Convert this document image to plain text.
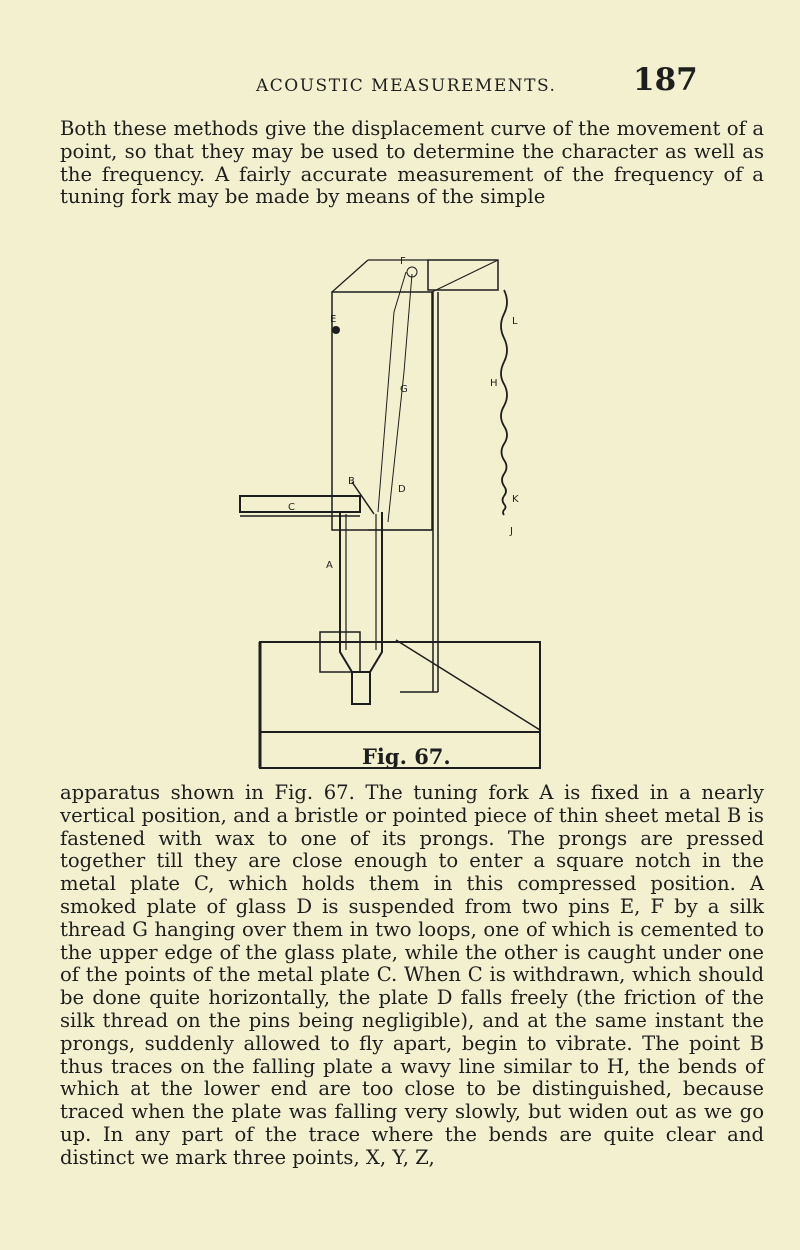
ACOUSTIC MEASUREMENTS. 187

Both these methods give the displacement curve of the movement of a point, so that they may be used to determine the character as well as the frequency. A fairly accurate measurement of the frequency of a tuning fork may be made by means of the simple

F
E
G
B
C
D
A
L
H
K
J
Fig. 67.

apparatus shown in Fig. 67. The tuning fork A is fixed in a nearly vertical position, and a bristle or pointed piece of thin sheet metal B is fastened with wax to one of its prongs. The prongs are pressed together till they are close enough to enter a square notch in the metal plate C, which holds them in this compressed position. A smoked plate of glass D is suspended from two pins E, F by a silk thread G hanging over them in two loops, one of which is cemented to the upper edge of the glass plate, while the other is caught under one of the points of the metal plate C. When C is withdrawn, which should be done quite horizontally, the plate D falls freely (the friction of the silk thread on the pins being negligible), and at the same instant the prongs, suddenly allowed to fly apart, begin to vibrate. The point B thus traces on the falling plate a wavy line similar to H, the bends of which at the lower end are too close to be distinguished, because traced when the plate was falling very slowly, but widen out as we go up. In any part of the trace where the bends are quite clear and distinct we mark three points, X, Y, Z,
